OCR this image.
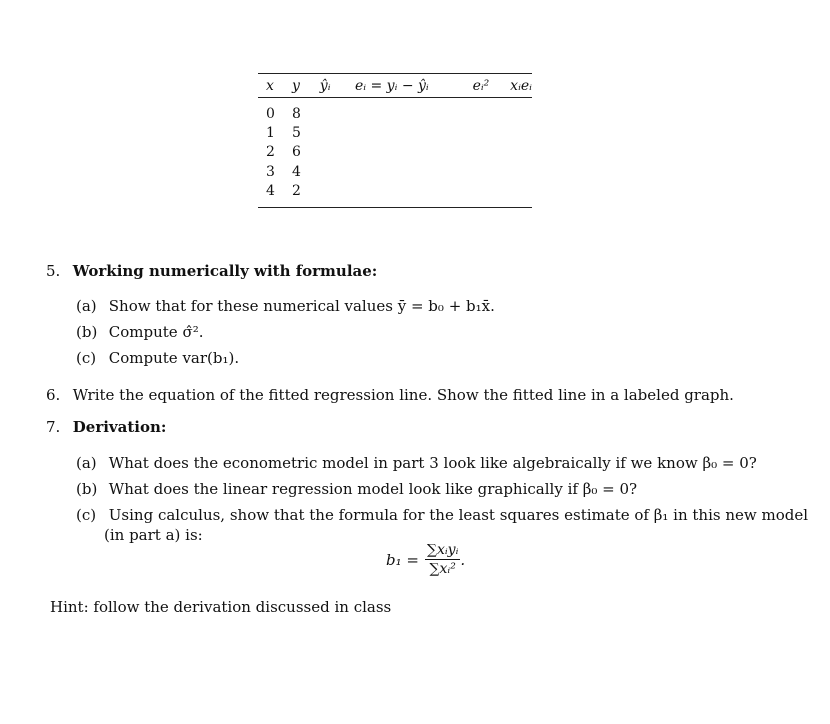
x	y	ŷᵢ	eᵢ = yᵢ − ŷᵢ	eᵢ²	xᵢeᵢ
0	8				
1	5				
2	6				
3	4				
4	2				
5. Working numerically with formulae:
(a) Show that for these numerical values ȳ = b₀ + b₁x̄.
(b) Compute σ̂².
(c) Compute var(b₁).
6. Write the equation of the fitted regression line. Show the fitted line in a labeled graph.
7. Derivation:
(a) What does the econometric model in part 3 look like algebraically if we know β₀ = 0?
(b) What does the linear regression model look like graphically if β₀ = 0?
(c) Using calculus, show that the formula for the least squares estimate of β₁ in this new model
(in part a) is:
$b_1 = \frac{\text{∑xᵢyᵢ}}{\text{∑xᵢ²}}$ .
Hint: follow the derivation discussed in class
